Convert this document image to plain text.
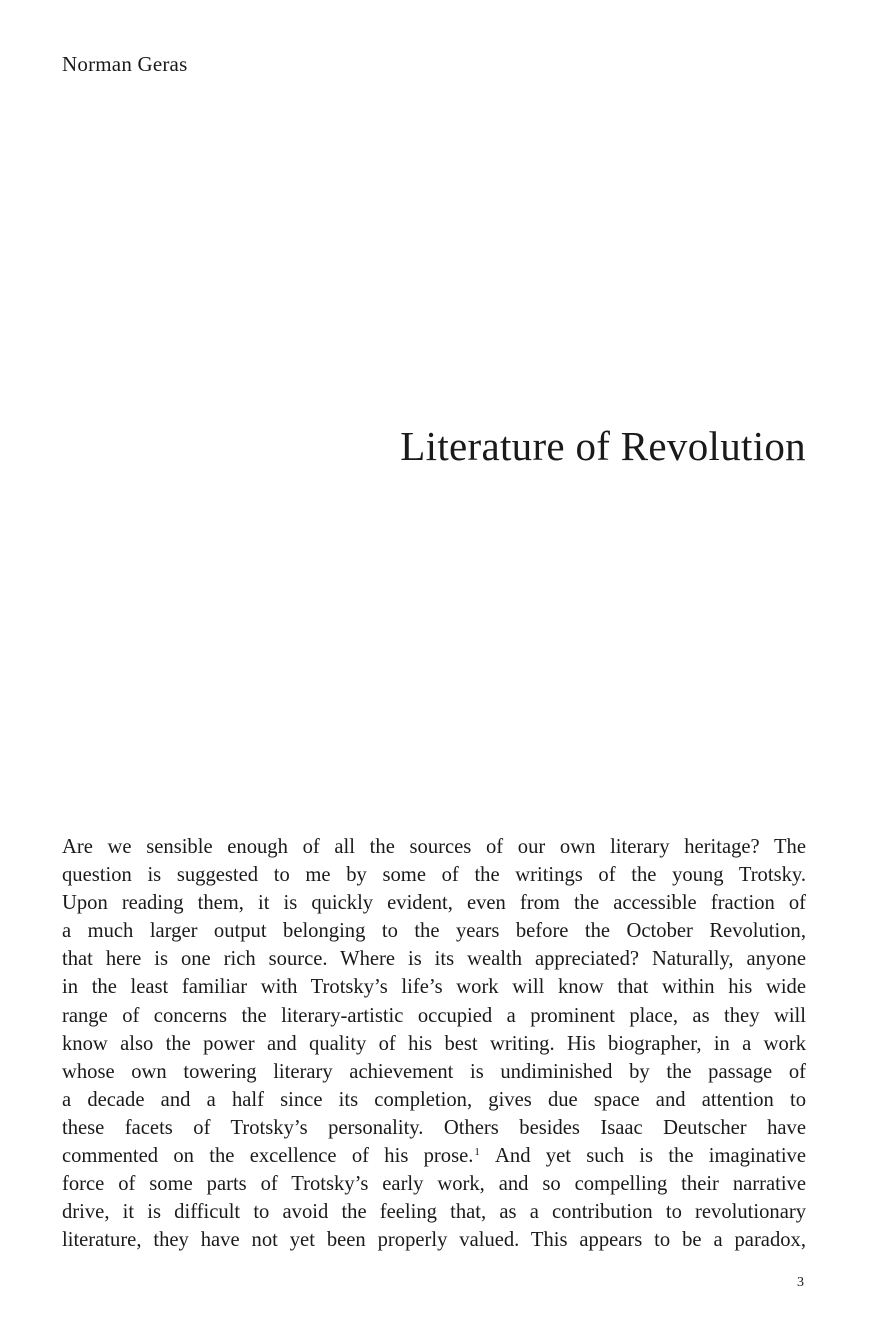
Norman Geras
Literature of Revolution
Are we sensible enough of all the sources of our own literary heritage? The
question is suggested to me by some of the writings of the young Trotsky.
Upon reading them, it is quickly evident, even from the accessible fraction of
a much larger output belonging to the years before the October Revolution,
that here is one rich source. Where is its wealth appreciated? Naturally, anyone
in the least familiar with Trotsky’s life’s work will know that within his wide
range of concerns the literary-artistic occupied a prominent place, as they will
know also the power and quality of his best writing. His biographer, in a work
whose own towering literary achievement is undiminished by the passage of
a decade and a half since its completion, gives due space and attention to
these facets of Trotsky’s personality. Others besides Isaac Deutscher have
commented on the excellence of his prose.$^1$ And yet such is the imaginative
force of some parts of Trotsky’s early work, and so compelling their narrative
drive, it is difficult to avoid the feeling that, as a contribution to revolutionary
literature, they have not yet been properly valued. This appears to be a paradox,
3
